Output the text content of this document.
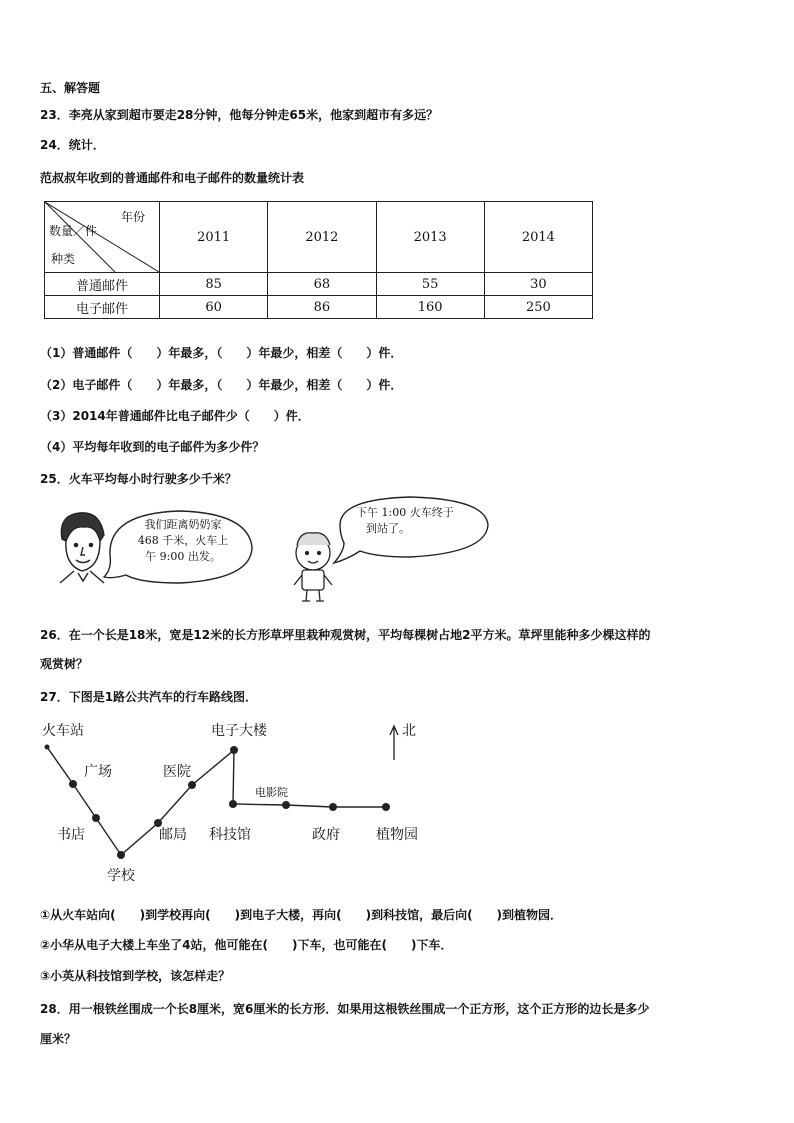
五、解答题
23．李亮从家到超市要走28分钟，他每分钟走65米，他家到超市有多远？
24．统计．
范叔叔年收到的普通邮件和电子邮件的数量统计表
年份
数量／件
种类	2011	2012	2013	2014
普通邮件	85	68	55	30
电子邮件	60	86	160	250
（1）普通邮件（　　）年最多，（　　）年最少，相差（　　）件．
（2）电子邮件（　　）年最多，（　　）年最少，相差（　　）件．
（3）2014年普通邮件比电子邮件少（　　）件．
（4）平均每年收到的电子邮件为多少件？
25．火车平均每小时行驶多少千米？
我们距离奶奶家
468 千米，火车上
午 9:00 出发。
下午 1:00 火车终于
到站了。
26．在一个长是18米，宽是12米的长方形草坪里栽种观赏树，平均每棵树占地2平方米。草坪里能种多少棵这样的
观赏树？
27．下图是1路公共汽车的行车路线图．
火车站
广场
书店
学校
邮局
医院
电子大楼
电影院
科技馆	政府	植物园
北
①从火车站向(　　)到学校再向(　　)到电子大楼，再向(　　)到科技馆，最后向(　　)到植物园．
②小华从电子大楼上车坐了4站，他可能在(　　)下车，也可能在(　　)下车．
③小英从科技馆到学校，该怎样走？
28．用一根铁丝围成一个长8厘米，宽6厘米的长方形．如果用这根铁丝围成一个正方形，这个正方形的边长是多少
厘米？
